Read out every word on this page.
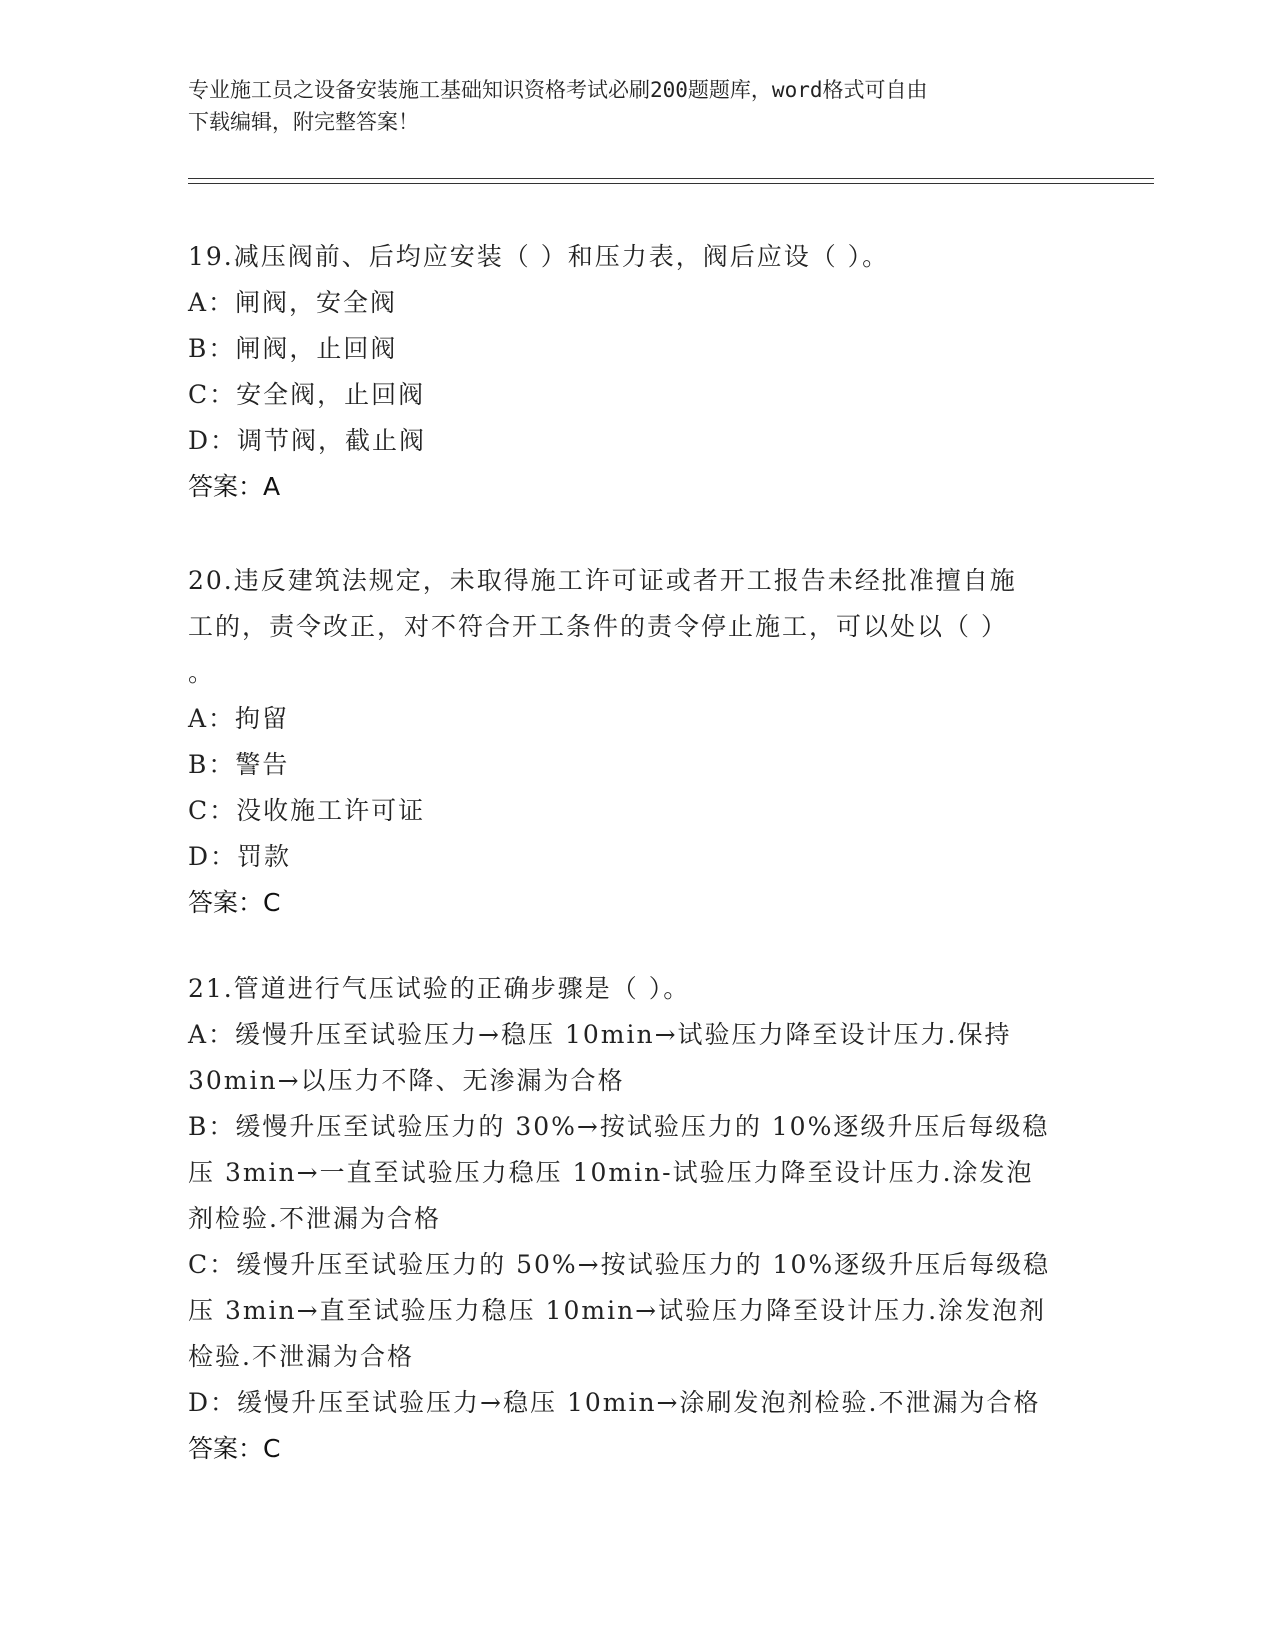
专业施工员之设备安装施工基础知识资格考试必刷200题题库，word格式可自由
下载编辑，附完整答案！

19.减压阀前、后均应安装（ ）和压力表，阀后应设（ ）。

A：闸阀，安全阀

B：闸阀，止回阀

C：安全阀，止回阀

D：调节阀，截止阀

答案：A

20.违反建筑法规定，未取得施工许可证或者开工报告未经批准擅自施

工的，责令改正，对不符合开工条件的责令停止施工，可以处以（ ）

。

A：拘留

B：警告

C：没收施工许可证

D：罚款

答案：C

21.管道进行气压试验的正确步骤是（ ）。

A：缓慢升压至试验压力→稳压 10min→试验压力降至设计压力.保持

30min→以压力不降、无渗漏为合格

B：缓慢升压至试验压力的 30%→按试验压力的 10%逐级升压后每级稳

压 3min→一直至试验压力稳压 10min-试验压力降至设计压力.涂发泡

剂检验.不泄漏为合格

C：缓慢升压至试验压力的 50%→按试验压力的 10%逐级升压后每级稳

压 3min→直至试验压力稳压 10min→试验压力降至设计压力.涂发泡剂

检验.不泄漏为合格

D：缓慢升压至试验压力→稳压 10min→涂刷发泡剂检验.不泄漏为合格

答案：C
